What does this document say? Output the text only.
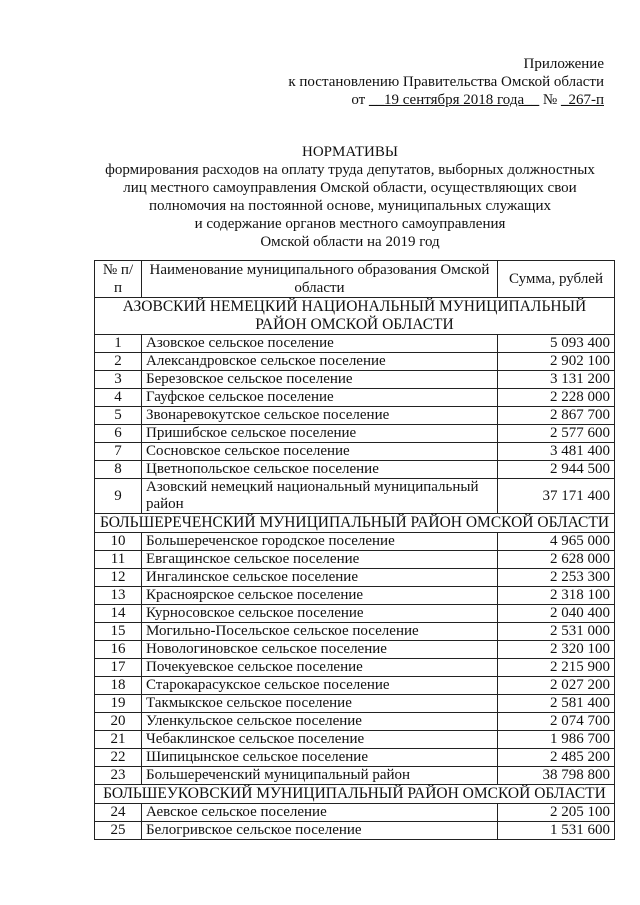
Приложение
к постановлению Правительства Омской области
от __19 сентября 2018 года__ № _267-п
НОРМАТИВЫ
формирования расходов на оплату труда депутатов, выборных должностных
лиц местного самоуправления Омской области, осуществляющих свои
полномочия на постоянной основе, муниципальных служащих
и содержание органов местного самоуправления
Омской области на 2019 год
№ п/п	Наименование муниципального образования Омской области	Сумма, рублей
АЗОВСКИЙ НЕМЕЦКИЙ НАЦИОНАЛЬНЫЙ МУНИЦИПАЛЬНЫЙ РАЙОН ОМСКОЙ ОБЛАСТИ		
1	Азовское сельское поселение	5 093 400
2	Александровское сельское поселение	2 902 100
3	Березовское сельское поселение	3 131 200
4	Гауфское сельское поселение	2 228 000
5	Звонаревокутское сельское поселение	2 867 700
6	Пришибское сельское поселение	2 577 600
7	Сосновское сельское поселение	3 481 400
8	Цветнопольское сельское поселение	2 944 500
9	Азовский немецкий национальный муниципальный район	37 171 400
БОЛЬШЕРЕЧЕНСКИЙ МУНИЦИПАЛЬНЫЙ РАЙОН ОМСКОЙ ОБЛАСТИ		
10	Большереченское городское поселение	4 965 000
11	Евгащинское сельское поселение	2 628 000
12	Ингалинское сельское поселение	2 253 300
13	Красноярское сельское поселение	2 318 100
14	Курносовское сельское поселение	2 040 400
15	Могильно-Посельское сельское поселение	2 531 000
16	Новологиновское сельское поселение	2 320 100
17	Почекуевское сельское поселение	2 215 900
18	Старокарасукское сельское поселение	2 027 200
19	Такмыкское сельское поселение	2 581 400
20	Уленкульское сельское поселение	2 074 700
21	Чебаклинское сельское поселение	1 986 700
22	Шипицынское сельское поселение	2 485 200
23	Большереченский муниципальный район	38 798 800
БОЛЬШЕУКОВСКИЙ МУНИЦИПАЛЬНЫЙ РАЙОН ОМСКОЙ ОБЛАСТИ		
24	Аевское сельское поселение	2 205 100
25	Белогривское сельское поселение	1 531 600
